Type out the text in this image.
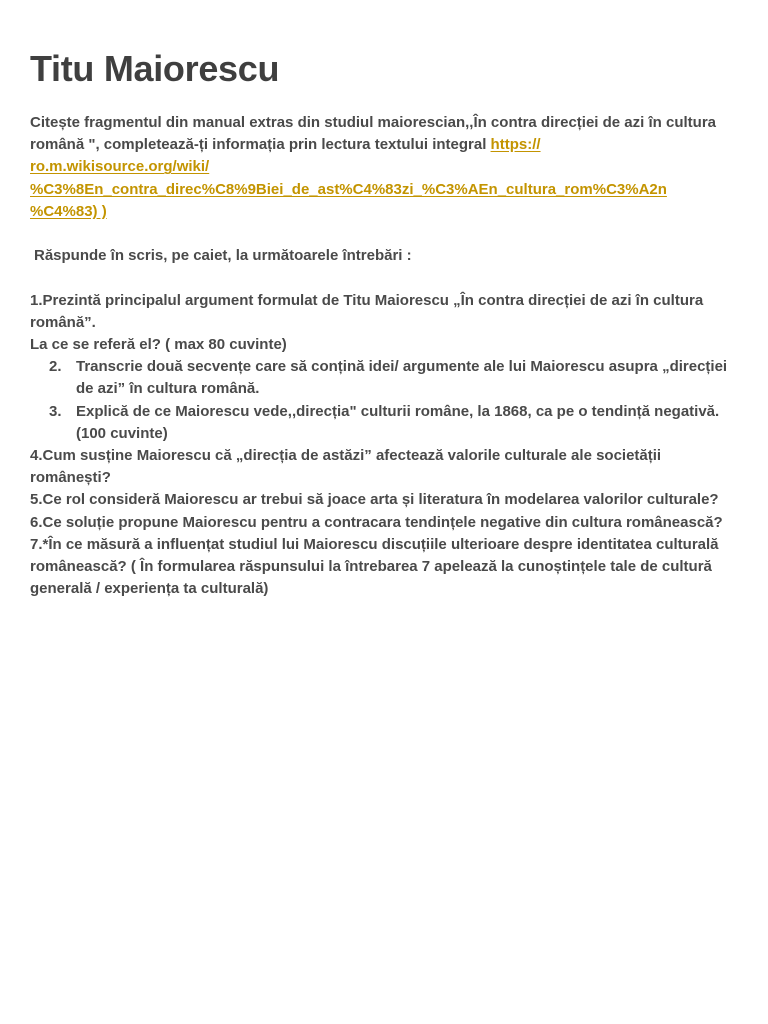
Titu Maiorescu

Citește fragmentul din manual extras din studiul maiorescian,,În contra direcției de azi în cultura română ", completează-ți informația prin lectura textului integral https://
ro.m.wikisource.org/wiki/
%C3%8En_contra_direc%C8%9Biei_de_ast%C4%83zi_%C3%AEn_cultura_rom%C3%A2n
%C4%83) )

Răspunde în scris, pe caiet, la următoarele întrebări :

1.Prezintă principalul argument formulat de Titu Maiorescu „În contra direcției de azi în cultura română”.

La ce se referă el? ( max 80 cuvinte)

2. Transcrie două secvențe care să conțină idei/ argumente ale lui Maiorescu asupra „direcției de azi” în cultura română.
3. Explică de ce Maiorescu vede,,direcția" culturii române, la 1868, ca pe o tendință negativă. (100 cuvinte)

4.Cum susține Maiorescu că „direcția de astăzi” afectează valorile culturale ale societății românești?

5.Ce rol consideră Maiorescu ar trebui să joace arta și literatura în modelarea valorilor culturale?

6.Ce soluție propune Maiorescu pentru a contracara tendințele negative din cultura românească?

7.*În ce măsură a influențat studiul lui Maiorescu discuțiile ulterioare despre identitatea culturală românească? ( În formularea răspunsului la întrebarea 7 apelează la cunoștințele tale de cultură generală / experiența ta culturală)
